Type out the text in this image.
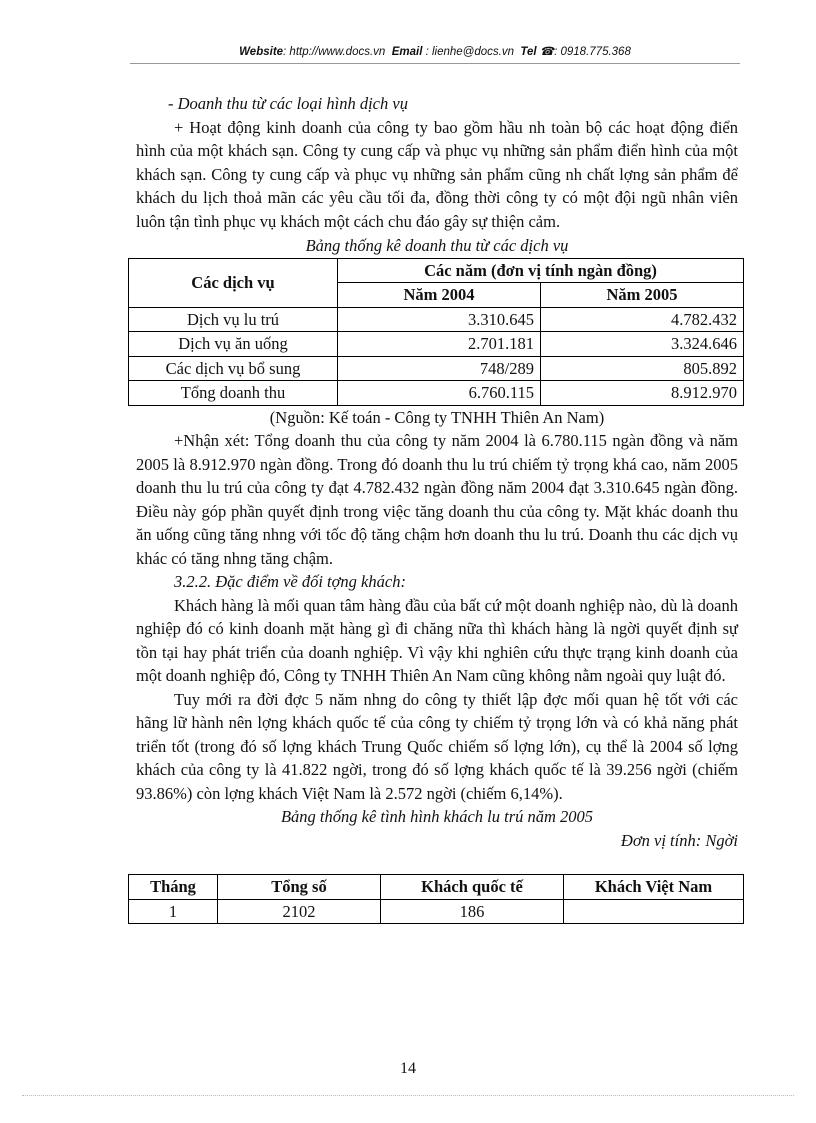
Website: http://www.docs.vn Email : lienhe@docs.vn Tel ☎: 0918.775.368

- Doanh thu từ các loại hình dịch vụ

+ Hoạt động kinh doanh của công ty bao gồm hầu nh toàn bộ các hoạt động điển hình của một khách sạn. Công ty cung cấp và phục vụ những sản phẩm điển hình của một khách sạn. Công ty cung cấp và phục vụ những sản phẩm cũng nh chất lợng sản phẩm để khách du lịch thoả mãn các yêu cầu tối đa, đồng thời công ty có một đội ngũ nhân viên luôn tận tình phục vụ khách một cách chu đáo gây sự thiện cảm.

Bảng thống kê doanh thu từ các dịch vụ

Các dịch vụ	Các năm (đơn vị tính ngàn đồng)	
	Năm 2004	Năm 2005
Dịch vụ lu trú	3.310.645	4.782.432
Dịch vụ ăn uống	2.701.181	3.324.646
Các dịch vụ bổ sung	748/289	805.892
Tổng doanh thu	6.760.115	8.912.970

(Nguồn: Kế toán - Công ty TNHH Thiên An Nam)

+Nhận xét: Tổng doanh thu của công ty năm 2004 là 6.780.115 ngàn đồng và năm 2005 là 8.912.970 ngàn đồng. Trong đó doanh thu lu trú chiếm tỷ trọng khá cao, năm 2005 doanh thu lu trú của công ty đạt 4.782.432 ngàn đồng năm 2004 đạt 3.310.645 ngàn đồng. Điều này góp phần quyết định trong việc tăng doanh thu của công ty. Mặt khác doanh thu ăn uống cũng tăng nhng với tốc độ tăng chậm hơn doanh thu lu trú. Doanh thu các dịch vụ khác có tăng nhng tăng chậm.

3.2.2. Đặc điểm về đối tợng khách:

Khách hàng là mối quan tâm hàng đầu của bất cứ một doanh nghiệp nào, dù là doanh nghiệp đó có kinh doanh mặt hàng gì đi chăng nữa thì khách hàng là ngời quyết định sự tồn tại hay phát triển của doanh nghiệp. Vì vậy khi nghiên cứu thực trạng kinh doanh của một doanh nghiệp đó, Công ty TNHH Thiên An Nam cũng không nằm ngoài quy luật đó.

Tuy mới ra đời đợc 5 năm nhng do công ty thiết lập đợc mối quan hệ tốt với các hãng lữ hành nên lợng khách quốc tế của công ty chiếm tỷ trọng lớn và có khả năng phát triển tốt (trong đó số lợng khách Trung Quốc chiếm số lợng lớn), cụ thể là 2004 số lợng khách của công ty là 41.822 ngời, trong đó số lợng khách quốc tế là 39.256 ngời (chiếm 93.86%) còn lợng khách Việt Nam là 2.572 ngời (chiếm 6,14%).

Bảng thống kê tình hình khách lu trú năm 2005

Đơn vị tính: Ngời

Tháng	Tổng số	Khách quốc tế	Khách Việt Nam
1	2102	186	
14
